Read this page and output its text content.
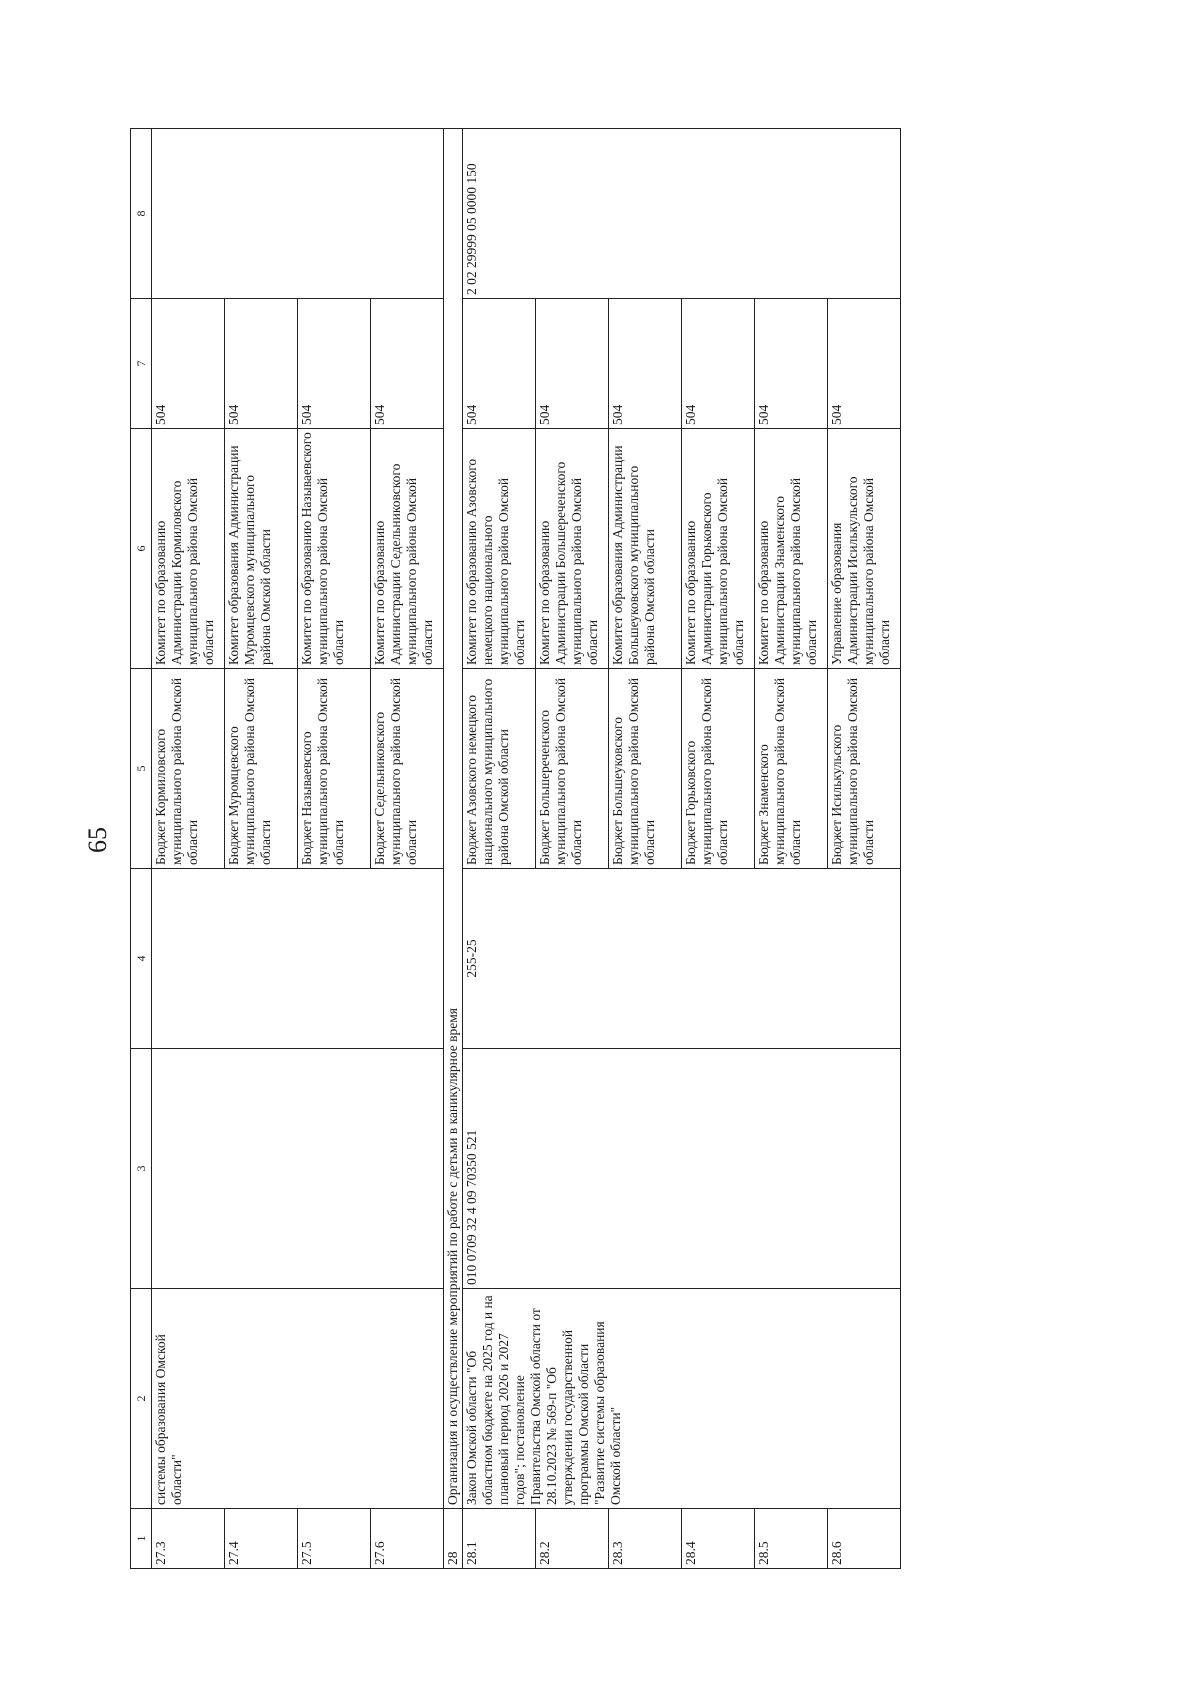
65
1	2	3	4	5	6	7	8
27.3	системы образования Омской области"			Бюджет Кормиловского муниципального района Омской области	Комитет по образованию Администрации Кормиловского муниципального района Омской области	504	
27.4				Бюджет Муромцевского муниципального района Омской области	Комитет образования Администрации Муромцевского муниципального района Омской области	504	
27.5				Бюджет Называевского муниципального района Омской области	Комитет по образованию Называевского муниципального района Омской области	504	
27.6				Бюджет Седельниковского муниципального района Омской области	Комитет по образованию Администрации Седельниковского муниципального района Омской области	504	
28	Организация и осуществление мероприятий по работе с детьми в каникулярное время						
28.1	Закон Омской области "Об областном бюджете на 2025 год и на плановый период 2026 и 2027 годов"; постановление Правительства Омской области от 28.10.2023 № 569-п "Об утверждении государственной программы Омской области "Развитие системы образования Омской области"	010 0709 32 4 09 70350 521	255-25	Бюджет Азовского немецкого национального муниципального района Омской области	Комитет по образованию Азовского немецкого национального муниципального района Омской области	504	2 02 29999 05 0000 150
28.2				Бюджет Большереченского муниципального района Омской области	Комитет по образованию Администрации Большереченского муниципального района Омской области	504	
28.3				Бюджет Большеуковского муниципального района Омской области	Комитет образования Администрации Большеуковского муниципального района Омской области	504	
28.4				Бюджет Горьковского муниципального района Омской области	Комитет по образованию Администрации Горьковского муниципального района Омской области	504	
28.5				Бюджет Знаменского муниципального района Омской области	Комитет по образованию Администрации Знаменского муниципального района Омской области	504	
28.6				Бюджет Исилькульского муниципального района Омской области	Управление образования Администрации Исилькульского муниципального района Омской области	504	
